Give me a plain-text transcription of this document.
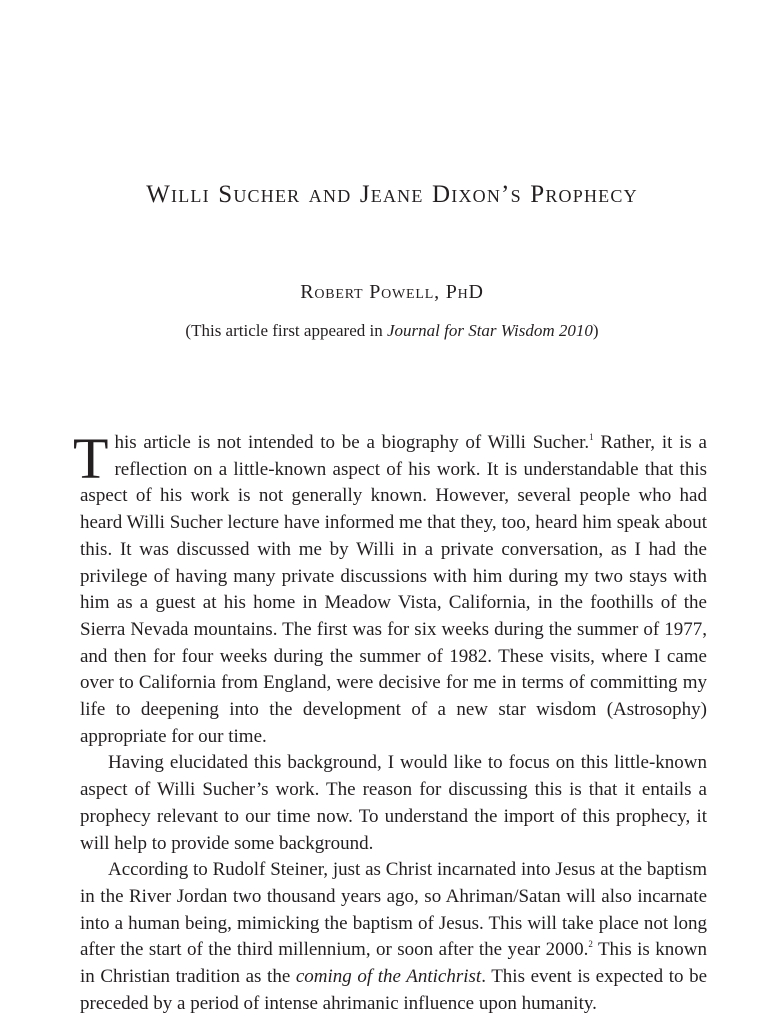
Willi Sucher and Jeane Dixon’s Prophecy
Robert Powell, PhD
(This article first appeared in Journal for Star Wisdom 2010)

This article is not intended to be a biography of Willi Sucher.$^1$ Rather, it is a reflection on a little-known aspect of his work. It is understandable that this aspect of his work is not generally known. However, several people who had heard Willi Sucher lecture have informed me that they, too, heard him speak about this. It was discussed with me by Willi in a private conversation, as I had the privilege of having many private discussions with him during my two stays with him as a guest at his home in Meadow Vista, California, in the foothills of the Sierra Nevada mountains. The first was for six weeks during the summer of 1977, and then for four weeks during the summer of 1982. These visits, where I came over to California from England, were decisive for me in terms of committing my life to deepening into the development of a new star wisdom (Astrosophy) appropriate for our time.

Having elucidated this background, I would like to focus on this little-known aspect of Willi Sucher’s work. The reason for discussing this is that it entails a prophecy relevant to our time now. To understand the import of this prophecy, it will help to provide some background.

According to Rudolf Steiner, just as Christ incarnated into Jesus at the baptism in the River Jordan two thousand years ago, so Ahriman/Satan will also incarnate into a human being, mimicking the baptism of Jesus. This will take place not long after the start of the third millennium, or soon after the year 2000.$^2$ This is known in Christian tradition as the coming of the Antichrist. This event is expected to be preceded by a period of intense ahrimanic influence upon humanity.
